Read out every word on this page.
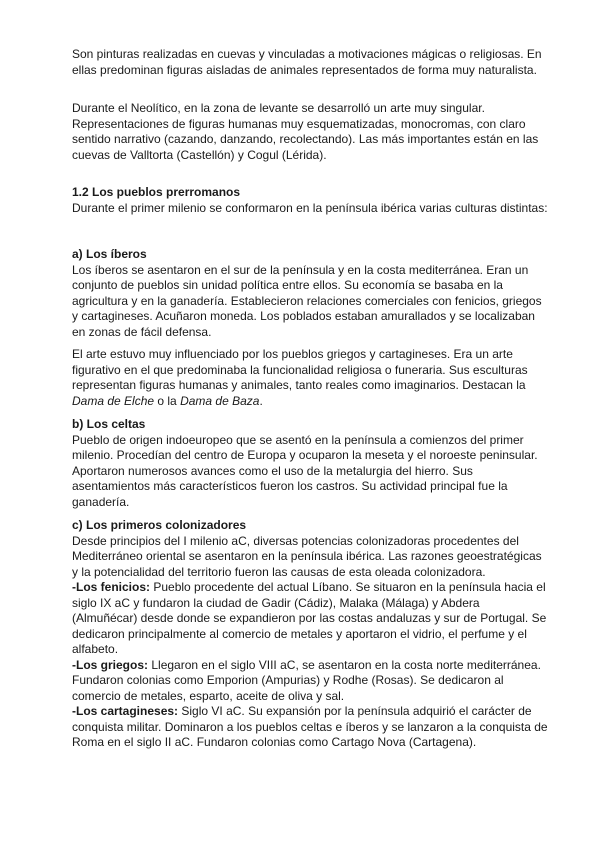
Son pinturas realizadas en cuevas y vinculadas a motivaciones mágicas o religiosas. En ellas predominan figuras aisladas de animales representados de forma muy naturalista.

Durante el Neolítico, en la zona de levante se desarrolló un arte muy singular. Representaciones de figuras humanas muy esquematizadas, monocromas, con claro sentido narrativo (cazando, danzando, recolectando). Las más importantes están en las cuevas de Valltorta (Castellón) y Cogul (Lérida).

1.2 Los pueblos prerromanos

Durante el primer milenio se conformaron en la península ibérica varias culturas distintas:

a) Los íberos

Los íberos se asentaron en el sur de la península y en la costa mediterránea. Eran un conjunto de pueblos sin unidad política entre ellos. Su economía se basaba en la agricultura y en la ganadería. Establecieron relaciones comerciales con fenicios, griegos y cartagineses. Acuñaron moneda. Los poblados estaban amurallados y se localizaban en zonas de fácil defensa.

El arte estuvo muy influenciado por los pueblos griegos y cartagineses. Era un arte figurativo en el que predominaba la funcionalidad religiosa o funeraria. Sus esculturas representan figuras humanas y animales, tanto reales como imaginarios. Destacan la Dama de Elche o la Dama de Baza.

b) Los celtas

Pueblo de origen indoeuropeo que se asentó en la península a comienzos del primer milenio. Procedían del centro de Europa y ocuparon la meseta y el noroeste peninsular. Aportaron numerosos avances como el uso de la metalurgia del hierro. Sus asentamientos más característicos fueron los castros. Su actividad principal fue la ganadería.

c) Los primeros colonizadores

Desde principios del I milenio aC, diversas potencias colonizadoras procedentes del Mediterráneo oriental se asentaron en la península ibérica. Las razones geoestratégicas y la potencialidad del territorio fueron las causas de esta oleada colonizadora.

-Los fenicios: Pueblo procedente del actual Líbano. Se situaron en la península hacia el siglo IX aC y fundaron la ciudad de Gadir (Cádiz), Malaka (Málaga) y Abdera (Almuñécar) desde donde se expandieron por las costas andaluzas y sur de Portugal. Se dedicaron principalmente al comercio de metales y aportaron el vidrio, el perfume y el alfabeto.

-Los griegos: Llegaron en el siglo VIII aC, se asentaron en la costa norte mediterránea. Fundaron colonias como Emporion (Ampurias) y Rodhe (Rosas). Se dedicaron al comercio de metales, esparto, aceite de oliva y sal.

-Los cartagineses: Siglo VI aC. Su expansión por la península adquirió el carácter de conquista militar. Dominaron a los pueblos celtas e íberos y se lanzaron a la conquista de Roma en el siglo II aC. Fundaron colonias como Cartago Nova (Cartagena).
